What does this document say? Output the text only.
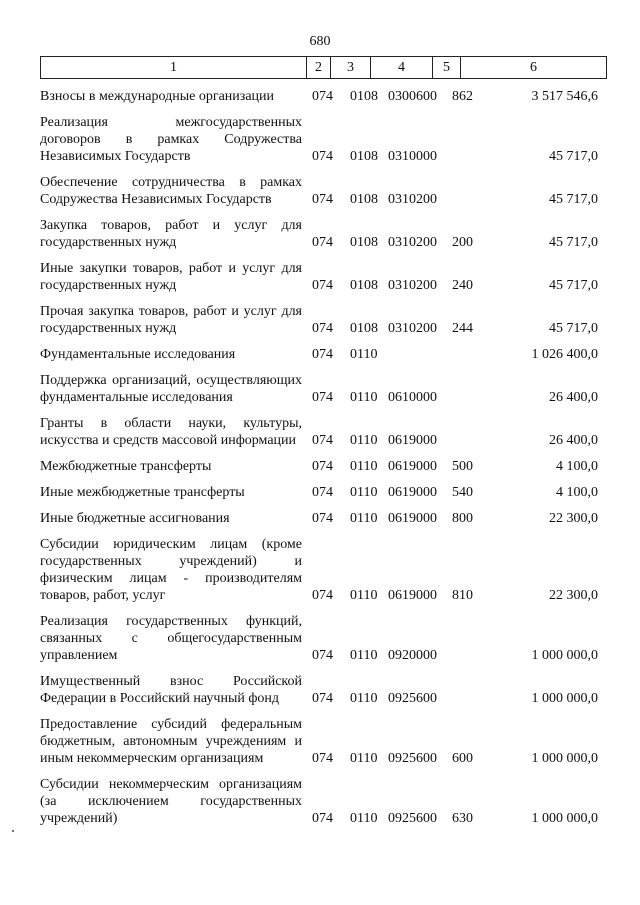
680
1	2	3	4	5	6
Взносы в международные организации	074 0108 0300600 862	3 517 546,6
Реализация межгосударственных договоров в рамках Содружества Независимых Государств	074 0108 0310000	45 717,0
Обеспечение сотрудничества в рамках Содружества Независимых Государств	074 0108 0310200	45 717,0
Закупка товаров, работ и услуг для государственных нужд	074 0108 0310200 200	45 717,0
Иные закупки товаров, работ и услуг для государственных нужд	074 0108 0310200 240	45 717,0
Прочая закупка товаров, работ и услуг для государственных нужд	074 0108 0310200 244	45 717,0
Фундаментальные исследования	074 0110	1 026 400,0
Поддержка организаций, осуществляющих фундаментальные исследования	074 0110 0610000	26 400,0
Гранты в области науки, культуры, искусства и средств массовой информации	074 0110 0619000	26 400,0
Межбюджетные трансферты	074 0110 0619000 500	4 100,0
Иные межбюджетные трансферты	074 0110 0619000 540	4 100,0
Иные бюджетные ассигнования	074 0110 0619000 800	22 300,0
Субсидии юридическим лицам (кроме государственных учреждений) и физическим лицам - производителям товаров, работ, услуг	074 0110 0619000 810	22 300,0
Реализация государственных функций, связанных с общегосударственным управлением	074 0110 0920000	1 000 000,0
Имущественный взнос Российской Федерации в Российский научный фонд	074 0110 0925600	1 000 000,0
Предоставление субсидий федеральным бюджетным, автономным учреждениям и иным некоммерческим организациям	074 0110 0925600 600	1 000 000,0
Субсидии некоммерческим организациям (за исключением государственных учреждений)	074 0110 0925600 630	1 000 000,0
